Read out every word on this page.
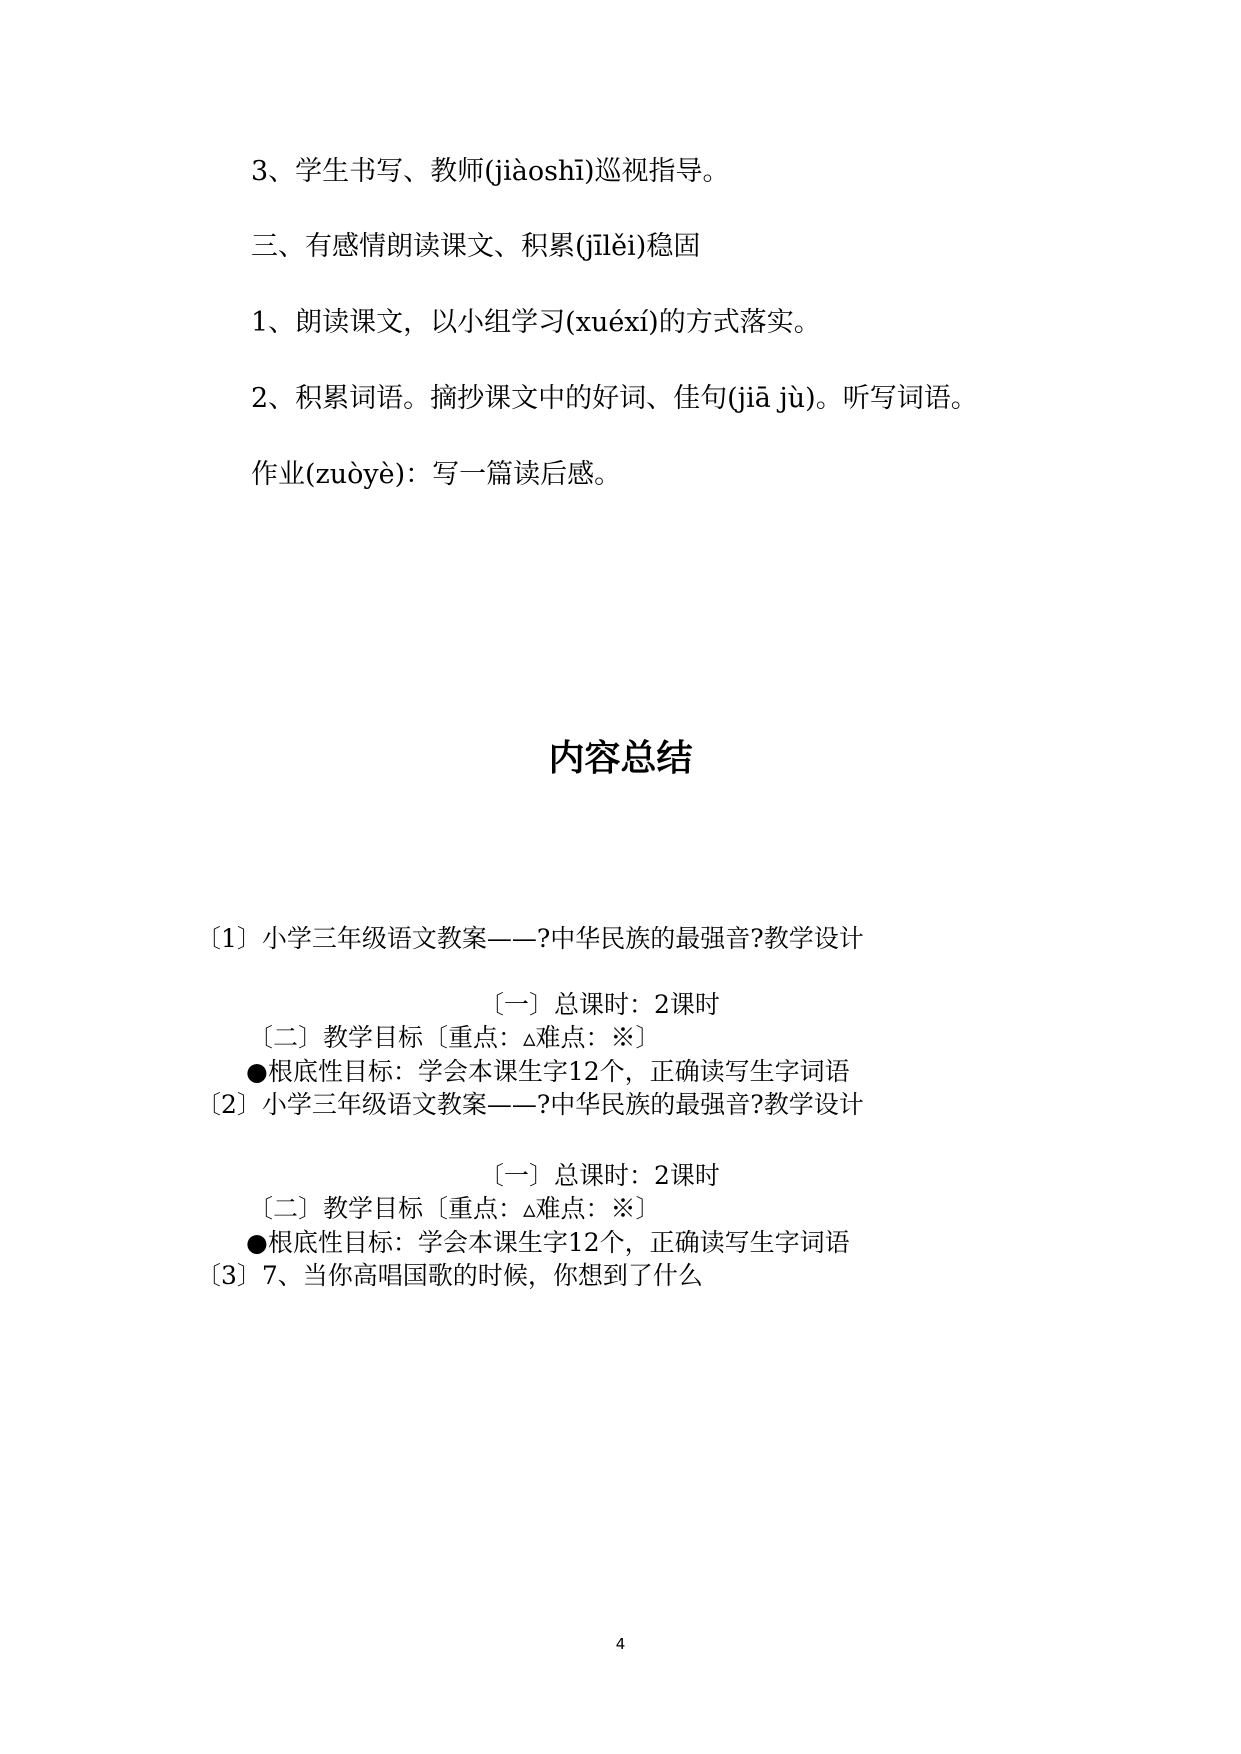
3、学生书写、教师(jiàoshī)巡视指导。
三、有感情朗读课文、积累(jīlěi)稳固
1、朗读课文，以小组学习(xuéxí)的方式落实。
2、积累词语。摘抄课文中的好词、佳句(jiā jù)。听写词语。
作业(zuòyè)：写一篇读后感。
内容总结
〔1〕小学三年级语文教案——?中华民族的最强音?教学设计
〔一〕总课时：2课时
〔二〕教学目标〔重点：▵难点：※〕
●根底性目标：学会本课生字12个，正确读写生字词语
〔2〕小学三年级语文教案——?中华民族的最强音?教学设计
〔一〕总课时：2课时
〔二〕教学目标〔重点：▵难点：※〕
●根底性目标：学会本课生字12个，正确读写生字词语
〔3〕7、当你高唱国歌的时候，你想到了什么
4
